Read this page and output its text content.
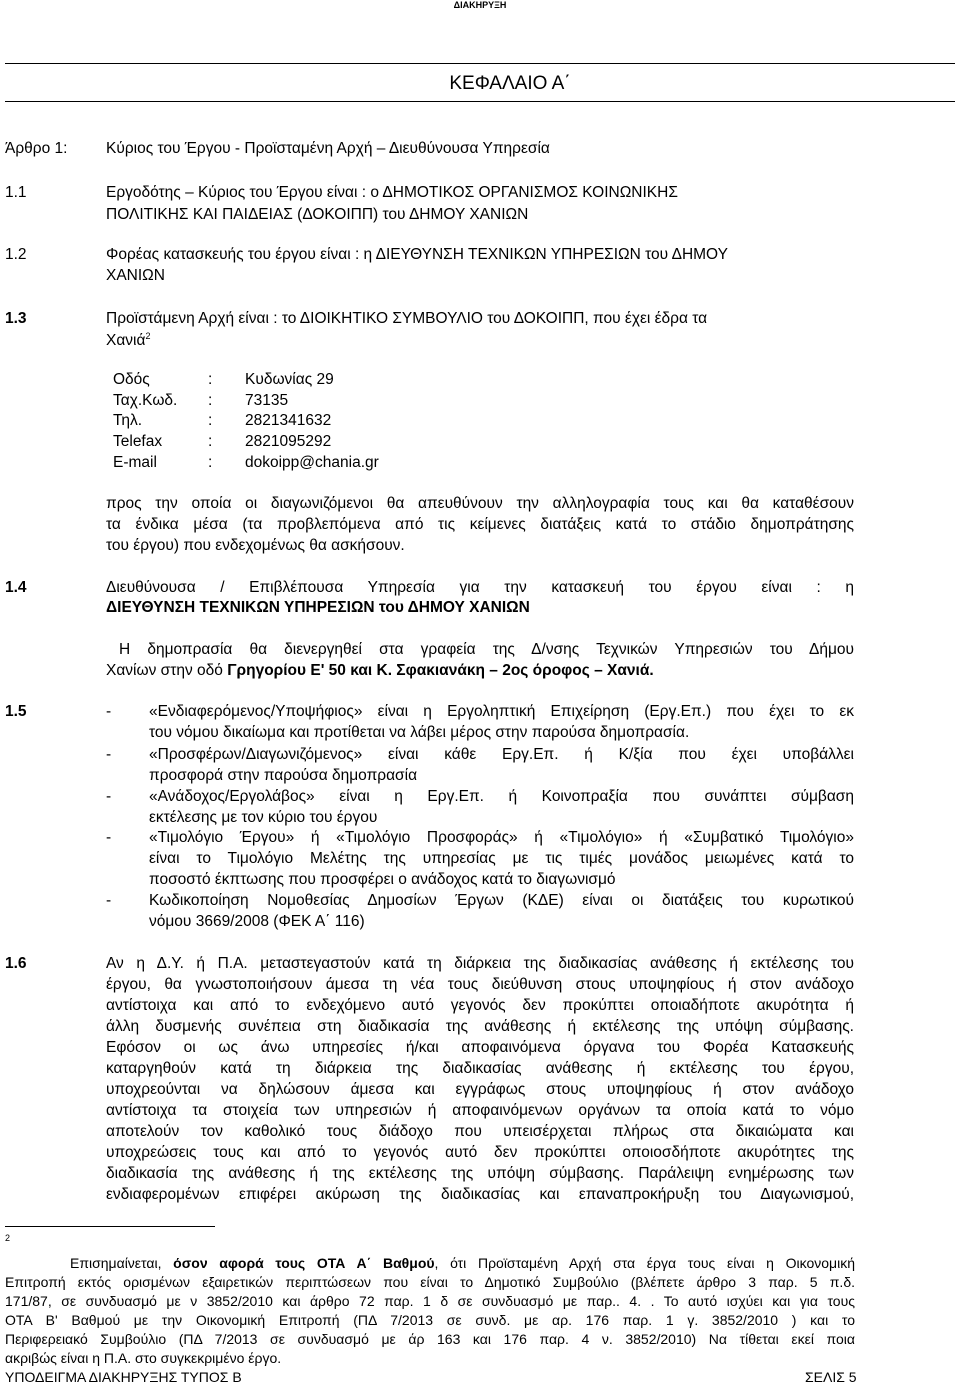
ΔΙΑΚΗΡΥΞΗ
ΚΕΦΑΛΑΙΟ Α΄
Άρθρο 1: Κύριος του Έργου - Προϊσταμένη Αρχή – Διευθύνουσα Υπηρεσία
1.1	Εργοδότης – Κύριος του Έργου είναι : ο ΔΗΜΟΤΙΚΟΣ ΟΡΓΑΝΙΣΜΟΣ ΚΟΙΝΩΝΙΚΗΣ
ΠΟΛΙΤΙΚΗΣ ΚΑΙ ΠΑΙΔΕΙΑΣ (ΔΟΚΟΙΠΠ) του ΔΗΜΟΥ ΧΑΝΙΩΝ
1.2	Φορέας κατασκευής του έργου είναι : η ΔΙΕΥΘΥΝΣΗ ΤΕΧΝΙΚΩΝ ΥΠΗΡΕΣΙΩΝ του ΔΗΜΟΥ
ΧΑΝΙΩΝ
1.3	Προϊστάμενη Αρχή είναι : το ΔΙΟΙΚΗΤΙΚΟ ΣΥΜΒΟΥΛΙΟ του ΔΟΚΟΙΠΠ, που έχει έδρα τα
Χανιά$^2$
Οδός	: Κυδωνίας 29
Ταχ.Κωδ. : 73135
Τηλ.	: 2821341632
Telefax	: 2821095292
E-mail	: dokoipp@chania.gr
προς την οποία οι διαγωνιζόμενοι θα απευθύνουν την αλληλογραφία τους και θα καταθέσουν
τα ένδικα μέσα (τα προβλεπόμενα από τις κείμενες διατάξεις κατά το στάδιο δημοπράτησης
του έργου) που ενδεχομένως θα ασκήσουν.
1.4	Διευθύνουσα / Επιβλέπουσα Υπηρεσία για την κατασκευή του έργου είναι : η
ΔΙΕΥΘΥΝΣΗ ΤΕΧΝΙΚΩΝ ΥΠΗΡΕΣΙΩΝ του ΔΗΜΟΥ ΧΑΝΙΩΝ
Η δημοπρασία θα διενεργηθεί στα γραφεία της Δ/νσης Τεχνικών Υπηρεσιών του Δήμου
Χανίων στην οδό Γρηγορίου Ε' 50 και Κ. Σφακιανάκη – 2ος όροφος – Χανιά.
1.5	- «Ενδιαφερόμενος/Υποψήφιος» είναι η Εργοληπτική Επιχείρηση (Εργ.Επ.) που έχει το εκ
του νόμου δικαίωμα και προτίθεται να λάβει μέρος στην παρούσα δημοπρασία.
- «Προσφέρων/Διαγωνιζόμενος» είναι κάθε Εργ.Επ. ή Κ/ξία που έχει υποβάλλει
προσφορά στην παρούσα δημοπρασία
- «Ανάδοχος/Εργολάβος» είναι η Εργ.Επ. ή Κοινοπραξία που συνάπτει σύμβαση
εκτέλεσης με τον κύριο του έργου
- «Τιμολόγιο Έργου» ή «Τιμολόγιο Προσφοράς» ή «Τιμολόγιο» ή «Συμβατικό Τιμολόγιο»
είναι το Τιμολόγιο Μελέτης της υπηρεσίας με τις τιμές μονάδος μειωμένες κατά το
ποσοστό έκπτωσης που προσφέρει ο ανάδοχος κατά το διαγωνισμό
- Κωδικοποίηση Νομοθεσίας Δημοσίων Έργων (ΚΔΕ) είναι οι διατάξεις του κυρωτικού
νόμου 3669/2008 (ΦΕΚ Α΄ 116)
1.6	Αν η Δ.Υ. ή Π.Α. μεταστεγαστούν κατά τη διάρκεια της διαδικασίας ανάθεσης ή εκτέλεσης του
έργου, θα γνωστοποιήσουν άμεσα τη νέα τους διεύθυνση στους υποψηφίους ή στον ανάδοχο
αντίστοιχα και από το ενδεχόμενο αυτό γεγονός δεν προκύπτει οποιαδήποτε ακυρότητα ή
άλλη δυσμενής συνέπεια στη διαδικασία της ανάθεσης ή εκτέλεσης της υπόψη σύμβασης.
Εφόσον οι ως άνω υπηρεσίες ή/και αποφαινόμενα όργανα του Φορέα Κατασκευής
καταργηθούν κατά τη διάρκεια της διαδικασίας ανάθεσης ή εκτέλεσης του έργου,
υποχρεούνται να δηλώσουν άμεσα και εγγράφως στους υποψηφίους ή στον ανάδοχο
αντίστοιχα τα στοιχεία των υπηρεσιών ή αποφαινόμενων οργάνων τα οποία κατά το νόμο
αποτελούν τον καθολικό τους διάδοχο που υπεισέρχεται πλήρως στα δικαιώματα και
υποχρεώσεις τους και από το γεγονός αυτό δεν προκύπτει οποιοσδήποτε ακυρότητες της
διαδικασία της ανάθεσης ή της εκτέλεσης της υπόψη σύμβασης. Παράλειψη ενημέρωσης των
ενδιαφερομένων επιφέρει ακύρωση της διαδικασίας και επαναπροκήρυξη του Διαγωνισμού,
2
Επισημαίνεται, όσον αφορά τους ΟΤΑ Α΄ Βαθμού, ότι Προϊσταμένη Αρχή στα έργα τους είναι η Οικονομική
Επιτροπή εκτός ορισμένων εξαιρετικών περιπτώσεων που είναι το Δημοτικό Συμβούλιο (βλέπετε άρθρο 3 παρ. 5 π.δ.
171/87, σε συνδυασμό με ν 3852/2010 και άρθρο 72 παρ. 1 δ σε συνδυασμό με παρ.. 4. . Το αυτό ισχύει και για τους
ΟΤΑ Β' Βαθμού με την Οικονομική Επιτροπή (ΠΔ 7/2013 σε συνδ. με αρ. 176 παρ. 1 γ. 3852/2010 ) και το
Περιφερειακό Συμβούλιο (ΠΔ 7/2013 σε συνδυασμό με άρ 163 και 176 παρ. 4 ν. 3852/2010) Να τίθεται εκεί ποια
ακριβώς είναι η Π.Α. στο συγκεκριμένο έργο.
ΥΠΟΔΕΙΓΜΑ ΔΙΑΚΗΡΥΞΗΣ ΤΥΠΟΣ Β	ΣΕΛΙΣ 5
